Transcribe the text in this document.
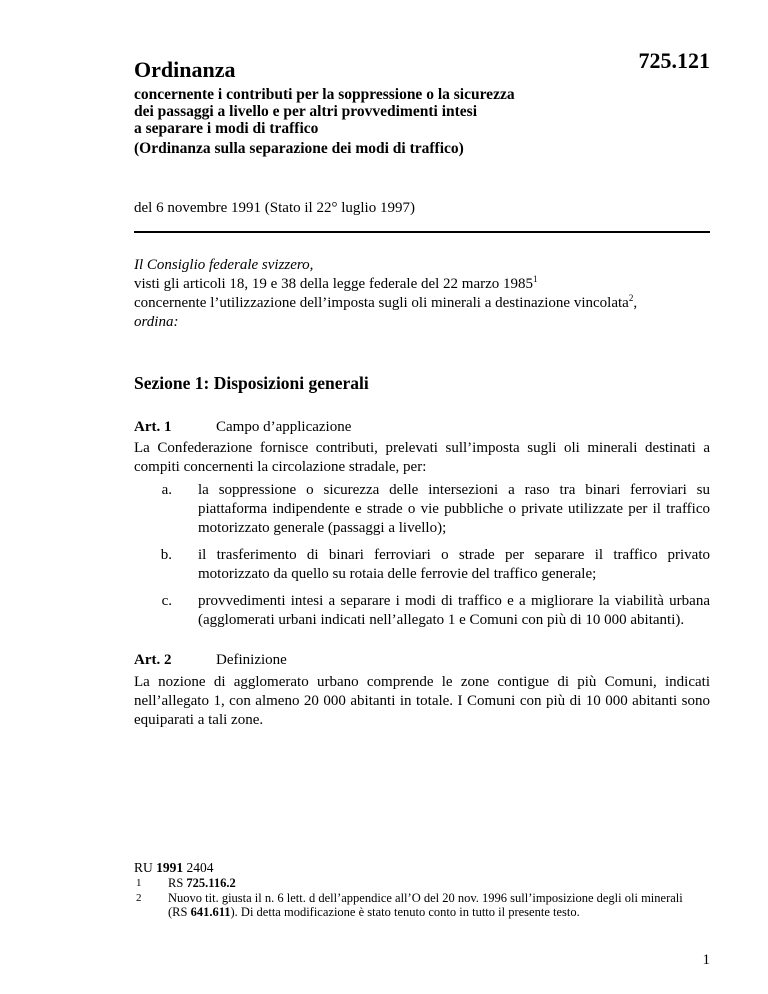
Ordinanza	725.121
concernente i contributi per la soppressione o la sicurezza
dei passaggi a livello e per altri provvedimenti intesi
a separare i modi di traffico
(Ordinanza sulla separazione dei modi di traffico)
del 6 novembre 1991 (Stato il 22° luglio 1997)
Il Consiglio federale svizzero,
visti gli articoli 18, 19 e 38 della legge federale del 22 marzo 1985$^1$
concernente l’utilizzazione dell’imposta sugli oli minerali a destinazione vincolata$^2$,
ordina:
Sezione 1: Disposizioni generali
Art. 1	Campo d’applicazione
La Confederazione fornisce contributi, prelevati sull’imposta sugli oli minerali destinati a compiti concernenti la circolazione stradale, per:
a.	la soppressione o sicurezza delle intersezioni a raso tra binari ferroviari su piattaforma indipendente e strade o vie pubbliche o private utilizzate per il traffico motorizzato generale (passaggi a livello);
b.	il trasferimento di binari ferroviari o strade per separare il traffico privato motorizzato da quello su rotaia delle ferrovie del traffico generale;
c.	provvedimenti intesi a separare i modi di traffico e a migliorare la viabilità urbana (agglomerati urbani indicati nell’allegato 1 e Comuni con più di 10 000 abitanti).
Art. 2	Definizione
La nozione di agglomerato urbano comprende le zone contigue di più Comuni, indicati nell’allegato 1, con almeno 20 000 abitanti in totale. I Comuni con più di 10 000 abitanti sono equiparati a tali zone.
RU 1991 2404
1	RS 725.116.2
2	Nuovo tit. giusta il n. 6 lett. d dell’appendice all’O del 20 nov. 1996 sull’imposizione degli oli minerali (RS 641.611). Di detta modificazione è stato tenuto conto in tutto il presente testo.
1
